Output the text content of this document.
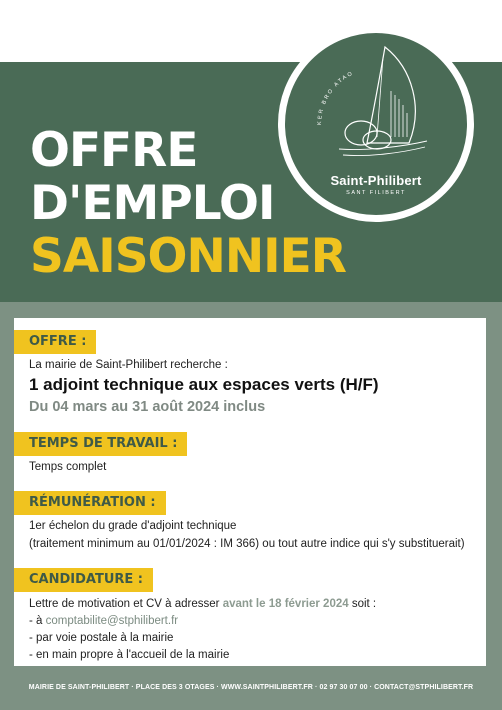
KER BRO ATAO
Saint-Philibert
SANT FILIBERT
OFFRE
D'EMPLOI
SAISONNIER
OFFRE :
La mairie de Saint-Philibert recherche :
1 adjoint technique aux espaces verts (H/F)
Du 04 mars au 31 août 2024 inclus
TEMPS DE TRAVAIL :
Temps complet
RÉMUNÉRATION :
1er échelon du grade d'adjoint technique
(traitement minimum au 01/01/2024 : IM 366) ou tout autre indice qui s'y substituerait)
CANDIDATURE :
Lettre de motivation et CV à adresser avant le 18 février 2024 soit :
- à comptabilite@stphilibert.fr
- par voie postale à la mairie
- en main propre à l'accueil de la mairie
MAIRIE DE SAINT-PHILIBERT · PLACE DES 3 OTAGES · WWW.SAINTPHILIBERT.FR · 02 97 30 07 00 · CONTACT@STPHILIBERT.FR
